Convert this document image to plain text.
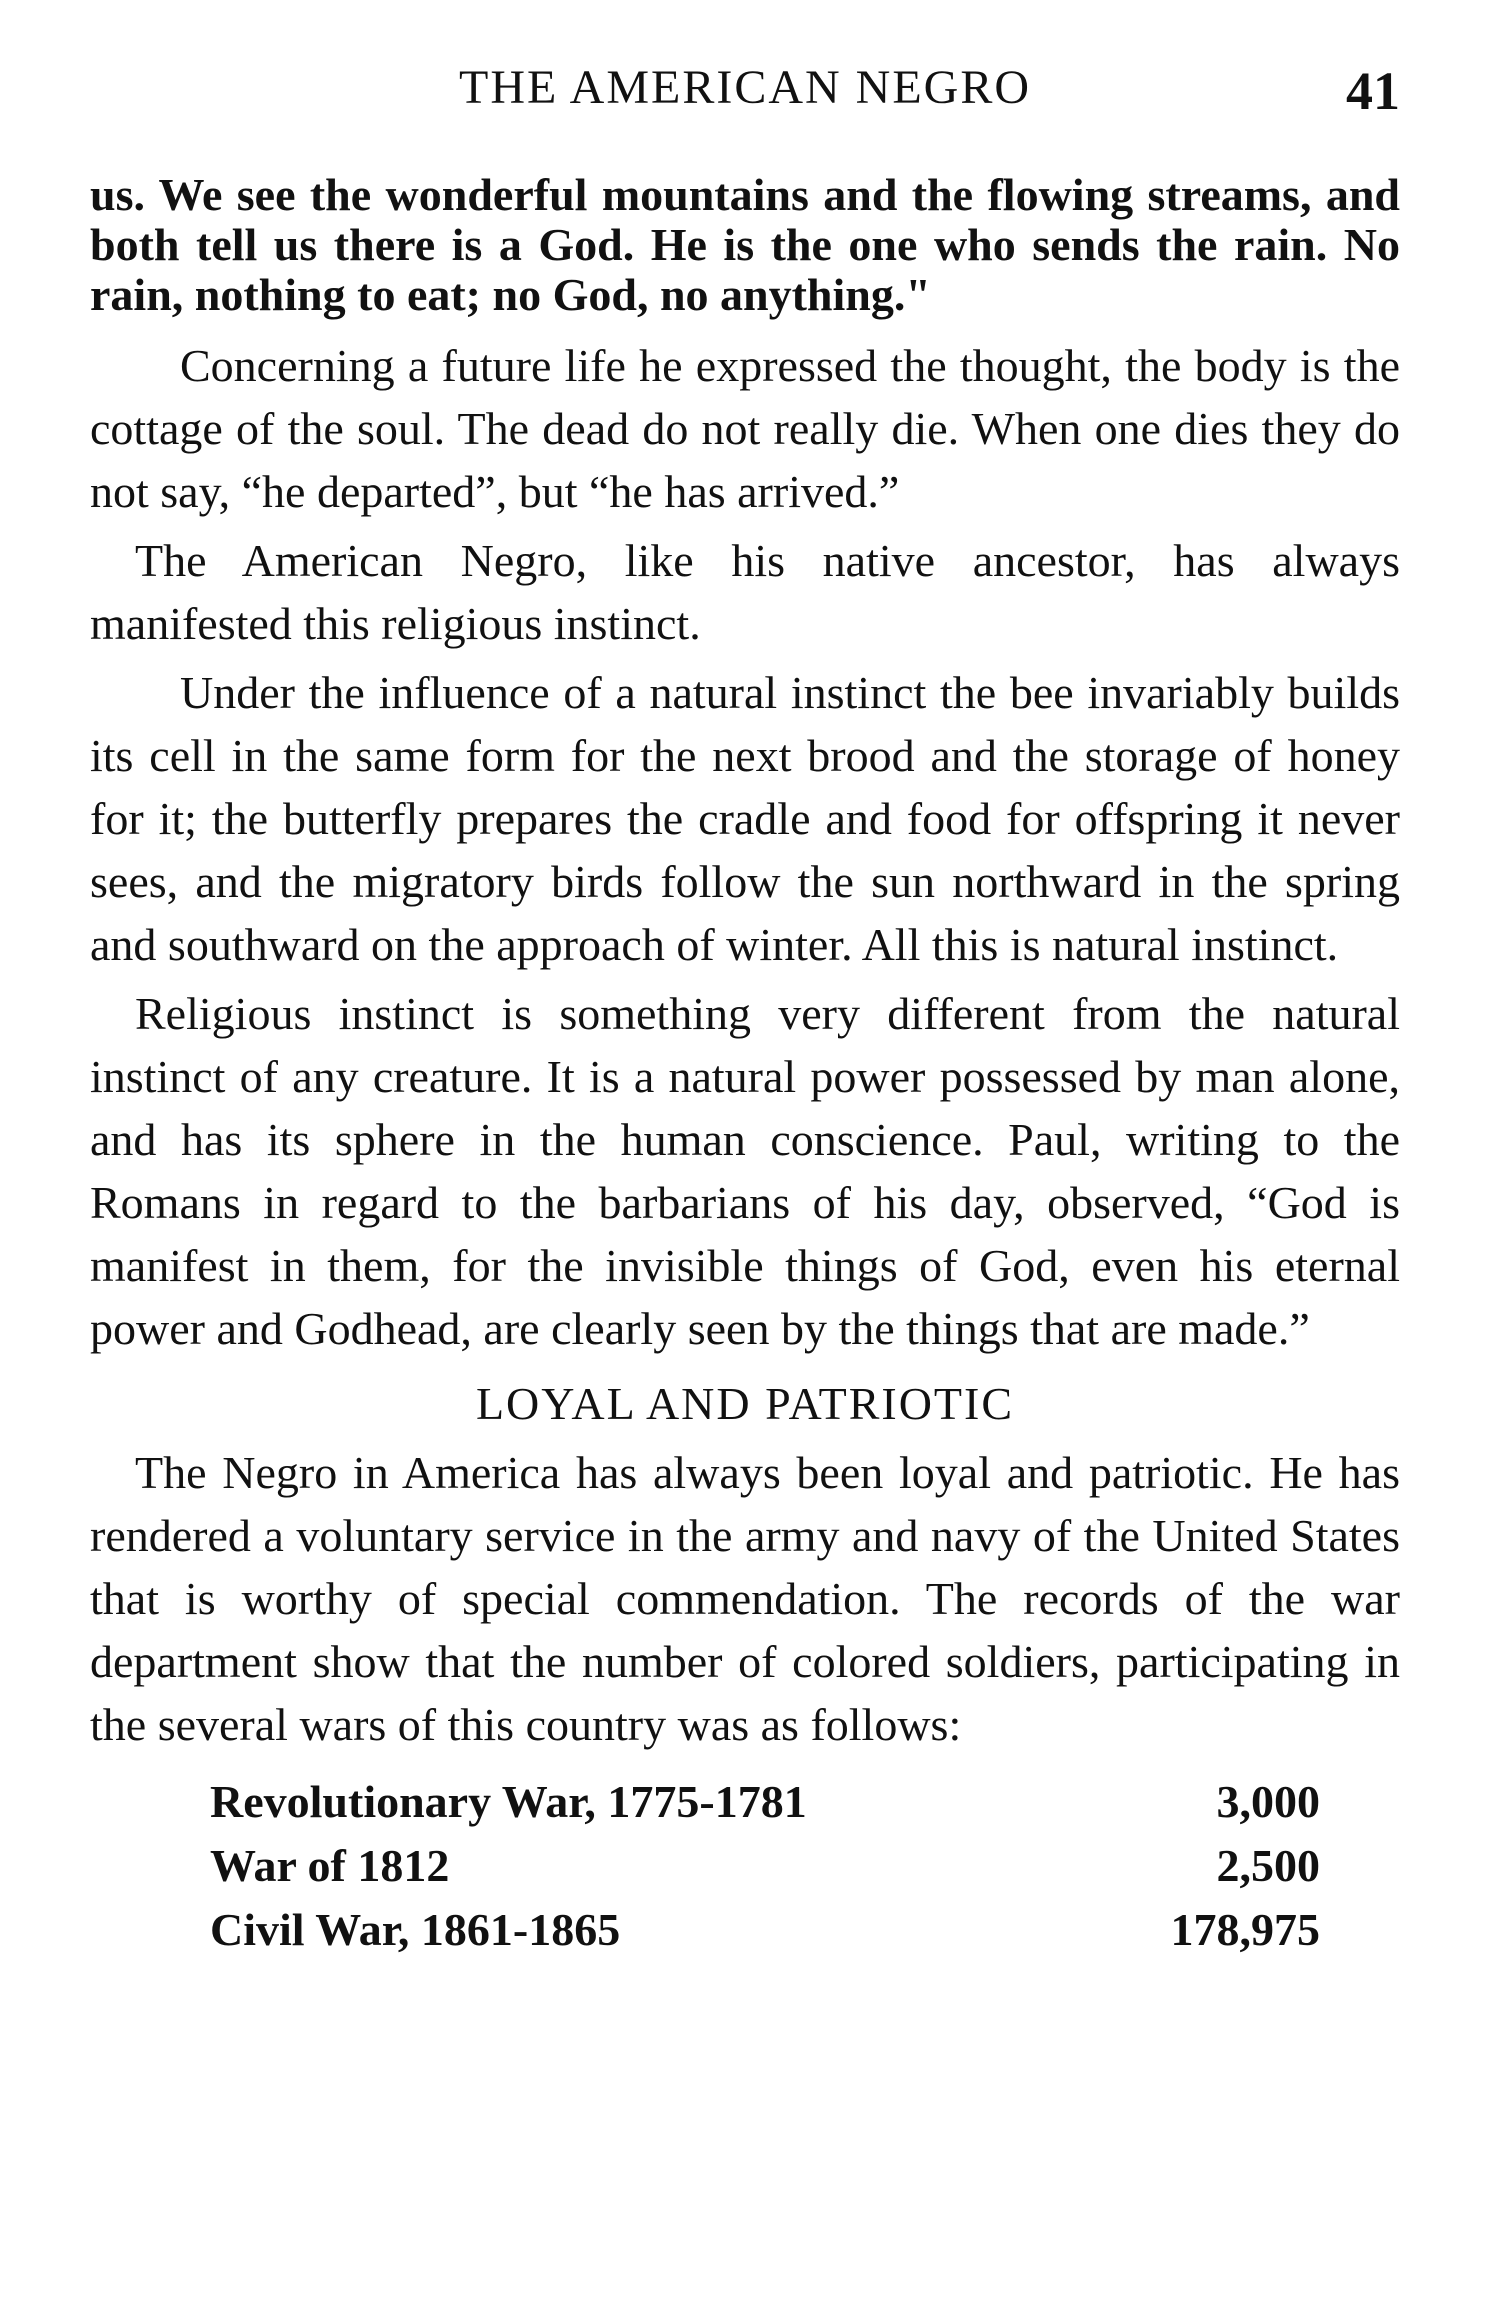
THE AMERICAN NEGRO	41

us. We see the wonderful mountains and the flowing streams, and both tell us there is a God. He is the one who sends the rain. No rain, nothing to eat; no God, no anything."

Concerning a future life he expressed the thought, the body is the cottage of the soul. The dead do not really die. When one dies they do not say, “he departed”, but “he has arrived.”

The American Negro, like his native ancestor, has always manifested this religious instinct.

Under the influence of a natural instinct the bee invariably builds its cell in the same form for the next brood and the storage of honey for it; the butterfly prepares the cradle and food for offspring it never sees, and the migratory birds follow the sun northward in the spring and southward on the approach of winter. All this is natural instinct.

Religious instinct is something very different from the natural instinct of any creature. It is a natural power possessed by man alone, and has its sphere in the human conscience. Paul, writing to the Romans in regard to the barbarians of his day, observed, “God is manifest in them, for the invisible things of God, even his eternal power and Godhead, are clearly seen by the things that are made.”

LOYAL AND PATRIOTIC

The Negro in America has always been loyal and patriotic. He has rendered a voluntary service in the army and navy of the United States that is worthy of special commendation. The records of the war department show that the number of colored soldiers, participating in the several wars of this country was as follows:

Revolutionary War, 1775-1781	3,000
War of 1812	2,500
Civil War, 1861-1865	178,975
